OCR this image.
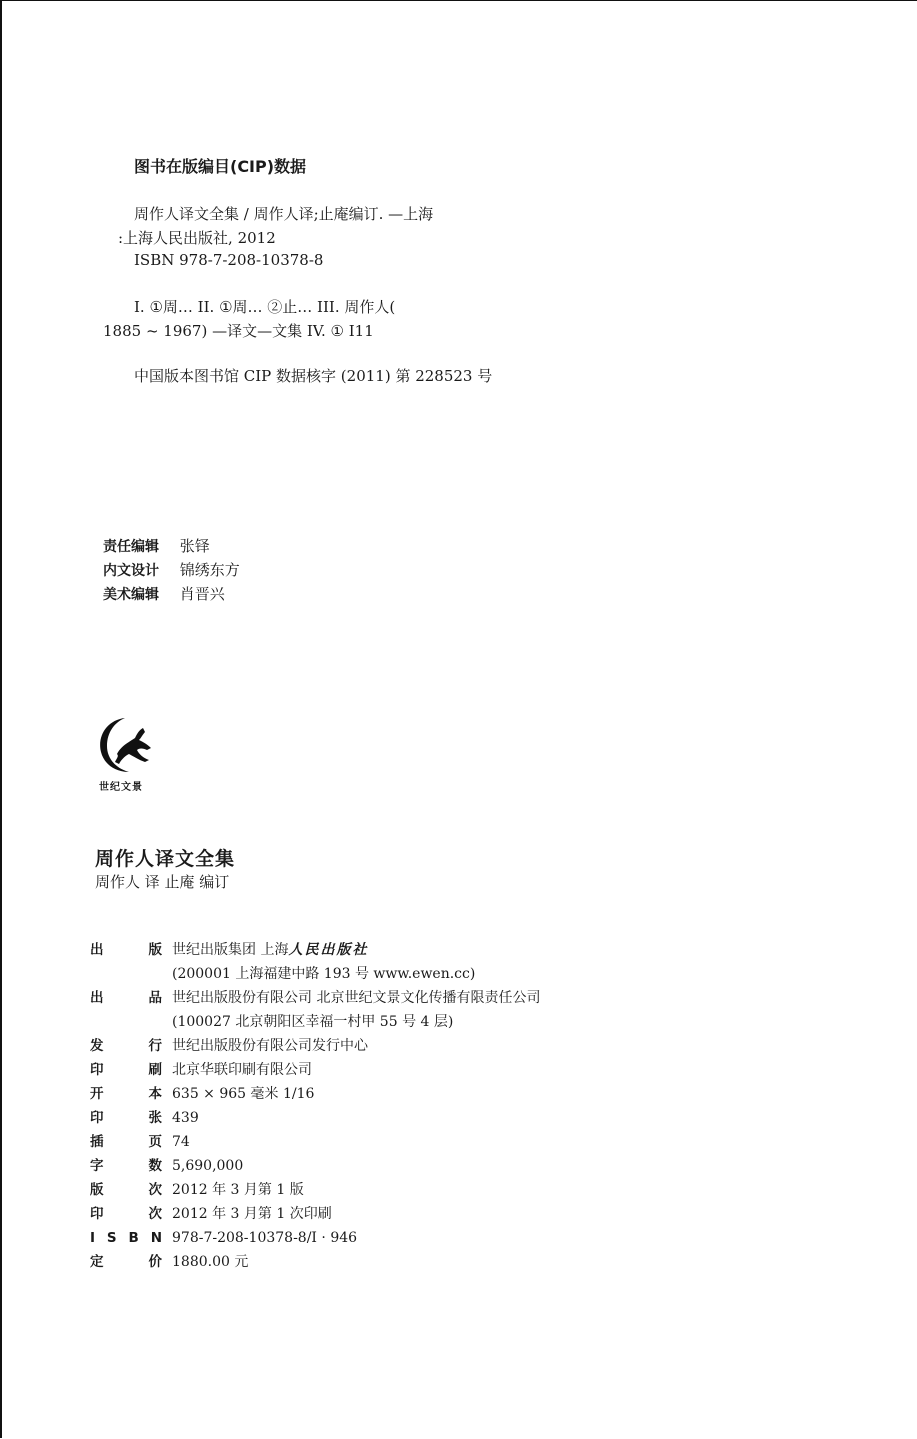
图书在版编目(CIP)数据
周作人译文全集 / 周作人译;止庵编订. —上海
:上海人民出版社, 2012
ISBN 978-7-208-10378-8
I. ①周… II. ①周… ②止… III. 周作人(
1885 ~ 1967) —译文—文集 IV. ① I11
中国版本图书馆 CIP 数据核字 (2011) 第 228523 号
责任编辑 张铎
内文设计 锦绣东方
美术编辑 肖晋兴
世纪文景
周作人译文全集
周作人 译 止庵 编订
出	版 世纪出版集团 上海人民出版社
(200001 上海福建中路 193 号 www.ewen.cc)
出	品 世纪出版股份有限公司 北京世纪文景文化传播有限责任公司
(100027 北京朝阳区幸福一村甲 55 号 4 层)
发	行 世纪出版股份有限公司发行中心
印	刷 北京华联印刷有限公司
开	本 635 × 965 毫米 1/16
印	张 439
插	页 74
字	数 5,690,000
版	次 2012 年 3 月第 1 版
印	次 2012 年 3 月第 1 次印刷
I S B N 978-7-208-10378-8/I · 946
定	价 1880.00 元
